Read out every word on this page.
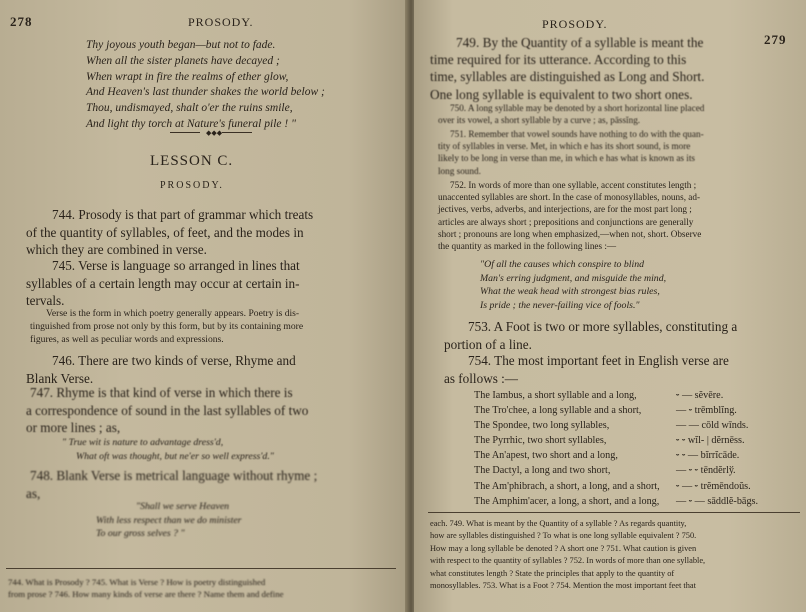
278	PROSODY.
Thy joyous youth began—but not to fade.
When all the sister planets have decayed ;
When wrapt in fire the realms of ether glow,
And Heaven's last thunder shakes the world below ;
Thou, undismayed, shalt o'er the ruins smile,
And light thy torch at Nature's funeral pile ! "
◆◆◆
LESSON C.
PROSODY.
744. Prosody is that part of grammar which treats
of the quantity of syllables, of feet, and the modes in
which they are combined in verse.
745. Verse is language so arranged in lines that
syllables of a certain length may occur at certain in-
tervals.
Verse is the form in which poetry generally appears. Poetry is dis-
tinguished from prose not only by this form, but by its containing more
figures, as well as peculiar words and expressions.
746. There are two kinds of verse, Rhyme and
Blank Verse.
747. Rhyme is that kind of verse in which there is
a correspondence of sound in the last syllables of two
or more lines ; as,
" True wit is nature to advantage dress'd,
What oft was thought, but ne'er so well express'd."
748. Blank Verse is metrical language without rhyme ;
as,
"Shall we serve Heaven
With less respect than we do minister
To our gross selves ? "
744. What is Prosody ? 745. What is Verse ? How is poetry distinguished
from prose ? 746. How many kinds of verse are there ? Name them and define
PROSODY.
279
749. By the Quantity of a syllable is meant the
time required for its utterance. According to this
time, syllables are distinguished as Long and Short.
One long syllable is equivalent to two short ones.
750. A long syllable may be denoted by a short horizontal line placed
over its vowel, a short syllable by a curve ; as, pāssĭng.
751. Remember that vowel sounds have nothing to do with the quan-
tity of syllables in verse. Met, in which e has its short sound, is more
likely to be long in verse than me, in which e has what is known as its
long sound.
752. In words of more than one syllable, accent constitutes length ;
unaccented syllables are short. In the case of monosyllables, nouns, ad-
jectives, verbs, adverbs, and interjections, are for the most part long ;
articles are always short ; prepositions and conjunctions are generally
short ; pronouns are long when emphasized,—when not, short. Observe
the quantity as marked in the following lines :—
"Of all the causes which conspire to blind
Man's erring judgment, and misguide the mind,
What the weak head with strongest bias rules,
Is pride ; the never-failing vice of fools."
753. A Foot is two or more syllables, constituting a
portion of a line.
754. The most important feet in English verse are
as follows :—
The Iambus, a short syllable and a long,	⏑ — sĕvēre.
The Tro'chee, a long syllable and a short,	— ⏑ trēmblĭng.
The Spondee, two long syllables,	— — cōld wīnds.
The Pyrrhic, two short syllables,	⏑ ⏑ wĭl- | dĕrnēss.
The An'apest, two short and a long,	⏑ ⏑ — bĭrrĭcāde.
The Dactyl, a long and two short,	— ⏑ ⏑ tēndĕrlў.
The Am'phibrach, a short, a long, and a short, ⏑ — ⏑ trĕmēndoŭs.
The Amphim'acer, a long, a short, and a long, — ⏑ — sāddlĕ-bāgs.
each. 749. What is meant by the Quantity of a syllable ? As regards quantity,
how are syllables distinguished ? To what is one long syllable equivalent ? 750.
How may a long syllable be denoted ? A short one ? 751. What caution is given
with respect to the quantity of syllables ? 752. In words of more than one syllable,
what constitutes length ? State the principles that apply to the quantity of
monosyllables. 753. What is a Foot ? 754. Mention the most important feet that
